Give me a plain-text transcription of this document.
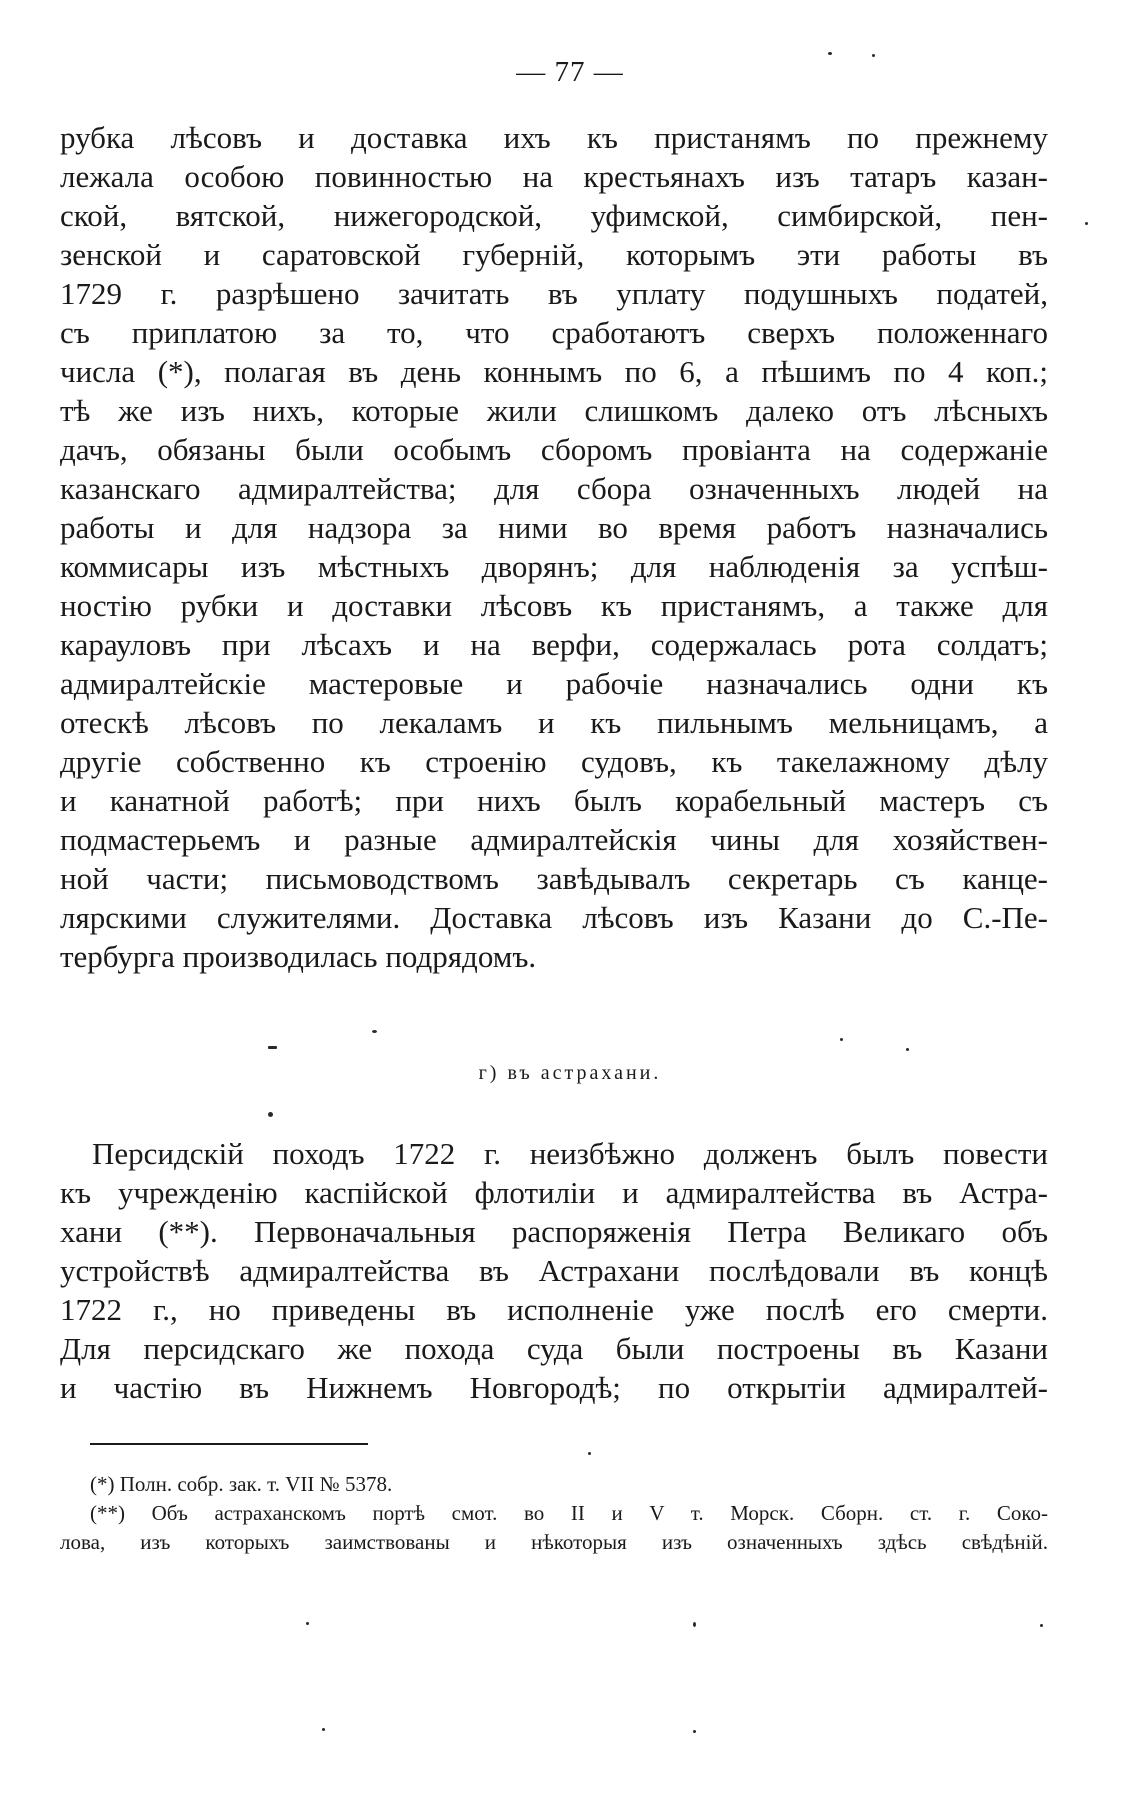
— 77 —
рубка лѣсовъ и доставка ихъ къ пристанямъ по прежнему
лежала особою повинностью на крестьянахъ изъ татаръ казан-
ской, вятской, нижегородской, уфимской, симбирской, пен-
зенской и саратовской губерній, которымъ эти работы въ
1729 г. разрѣшено зачитать въ уплату подушныхъ податей,
съ приплатою за то, что сработаютъ сверхъ положеннаго
числа (*), полагая въ день коннымъ по 6, а пѣшимъ по 4 коп.;
тѣ же изъ нихъ, которые жили слишкомъ далеко отъ лѣсныхъ
дачъ, обязаны были особымъ сборомъ провіанта на содержаніе
казанскаго адмиралтейства; для сбора означенныхъ людей на
работы и для надзора за ними во время работъ назначались
коммисары изъ мѣстныхъ дворянъ; для наблюденія за успѣш-
ностію рубки и доставки лѣсовъ къ пристанямъ, а также для
карауловъ при лѣсахъ и на верфи, содержалась рота солдатъ;
адмиралтейскіе мастеровые и рабочіе назначались одни къ
отескѣ лѣсовъ по лекаламъ и къ пильнымъ мельницамъ, а
другіе собственно къ строенію судовъ, къ такелажному дѣлу
и канатной работѣ; при нихъ былъ корабельный мастеръ съ
подмастерьемъ и разные адмиралтейскія чины для хозяйствен-
ной части; письмоводствомъ завѣдывалъ секретарь съ канце-
лярскими служителями. Доставка лѣсовъ изъ Казани до С.-Пе-
тербурга производилась подрядомъ.
г) въ астрахани.
Персидскій походъ 1722 г. неизбѣжно долженъ былъ повести
къ учрежденію каспійской флотиліи и адмиралтейства въ Астра-
хани (**). Первоначальныя распоряженія Петра Великаго объ
устройствѣ адмиралтейства въ Астрахани послѣдовали въ концѣ
1722 г., но приведены въ исполненіе уже послѣ его смерти.
Для персидскаго же похода суда были построены въ Казани
и частію въ Нижнемъ Новгородѣ; по открытіи адмиралтей-
(*) Полн. собр. зак. т. VII № 5378.
(**) Объ астраханскомъ портѣ смот. во II и V т. Морск. Сборн. ст. г. Соко-
лова, изъ которыхъ заимствованы и нѣкоторыя изъ означенныхъ здѣсь свѣдѣній.
